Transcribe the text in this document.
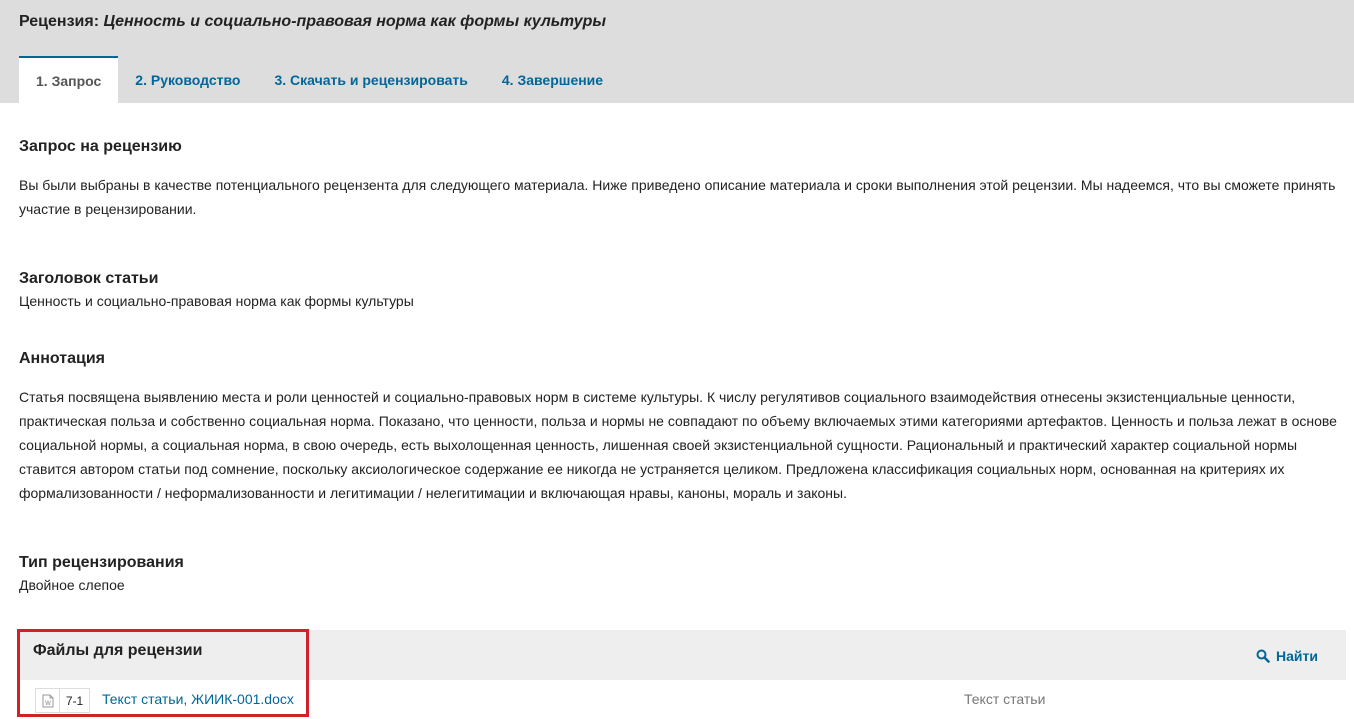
Рецензия: Ценность и социально-правовая норма как формы культуры
1. Запрос	2. Руководство	3. Скачать и рецензировать	4. Завершение
Запрос на рецензию
Вы были выбраны в качестве потенциального рецензента для следующего материала. Ниже приведено описание материала и сроки выполнения этой рецензии. Мы надеемся, что вы сможете принять участие в рецензировании.
Заголовок статьи
Ценность и социально-правовая норма как формы культуры
Аннотация
Статья посвящена выявлению места и роли ценностей и социально-правовых норм в системе культуры. К числу регулятивов социального взаимодействия отнесены экзистенциальные ценности, практическая польза и собственно социальная норма. Показано, что ценности, польза и нормы не совпадают по объему включаемых этими категориями артефактов. Ценность и польза лежат в основе социальной нормы, а социальная норма, в свою очередь, есть выхолощенная ценность, лишенная своей экзистенциальной сущности. Рациональный и практический характер социальной нормы ставится автором статьи под сомнение, поскольку аксиологическое содержание ее никогда не устраняется целиком. Предложена классификация социальных норм, основанная на критериях их формализованности / неформализованности и легитимации / нелегитимации и включающая нравы, каноны, мораль и законы.
Тип рецензирования
Двойное слепое
Файлы для рецензии	Найти
W	7-1	Текст статьи, ЖИИК-001.docx	Текст статьи
